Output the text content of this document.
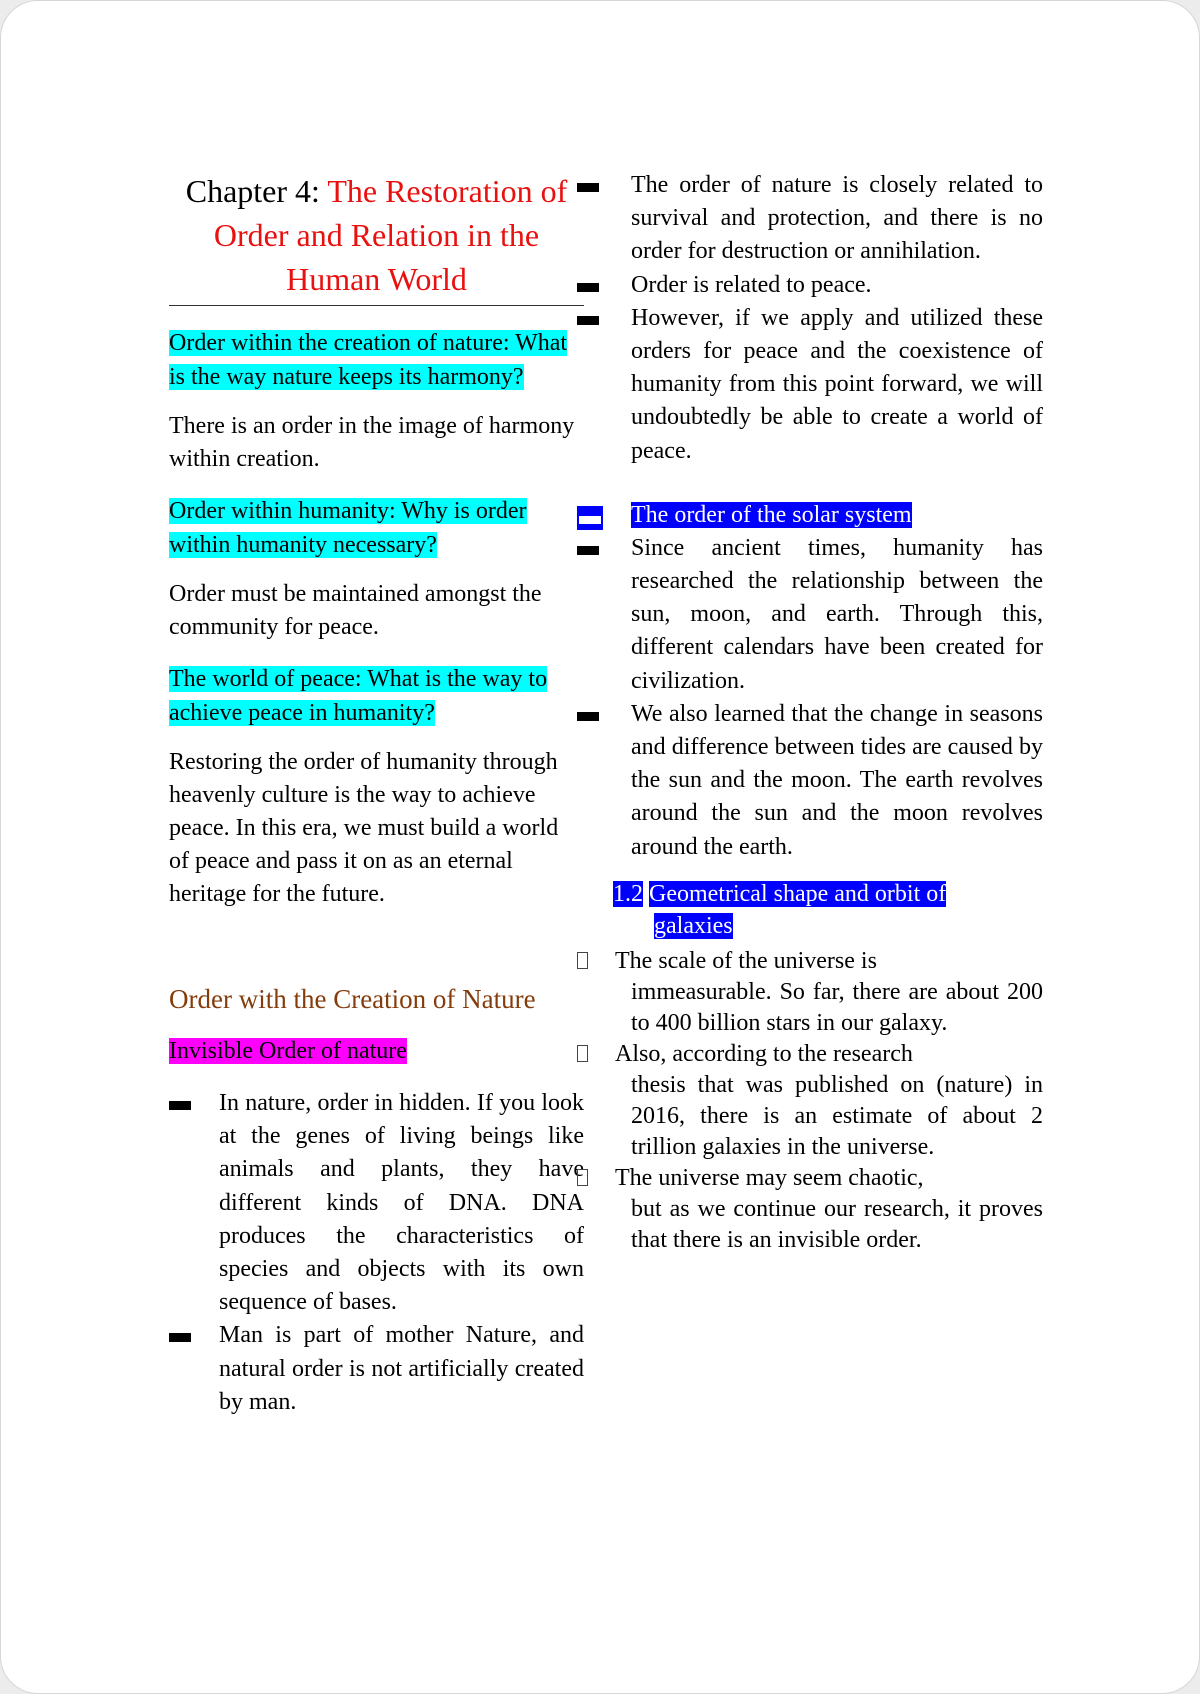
Chapter 4: The Restoration of
Order and Relation in the
Human World

Order within the creation of nature: What is the way nature keeps its harmony?

There is an order in the image of harmony within creation.

Order within humanity: Why is order within humanity necessary?

Order must be maintained amongst the community for peace.

The world of peace: What is the way to achieve peace in humanity?

Restoring the order of humanity through heavenly culture is the way to achieve peace. In this era, we must build a world of peace and pass it on as an eternal heritage for the future.

Order with the Creation of Nature

Invisible Order of nature

In nature, order in hidden. If you look at the genes of living beings like animals and plants, they have different kinds of DNA. DNA produces the characteristics of species and objects with its own sequence of bases.
Man is part of mother Nature, and natural order is not artificially created by man.
The order of nature is closely related to survival and protection, and there is no order for destruction or annihilation.
Order is related to peace.
However, if we apply and utilized these orders for peace and the coexistence of humanity from this point forward, we will undoubtedly be able to create a world of peace.

The order of the solar system

Since ancient times, humanity has researched the relationship between the sun, moon, and earth. Through this, different calendars have been created for civilization.
We also learned that the change in seasons and difference between tides are caused by the sun and the moon. The earth revolves around the sun and the moon revolves around the earth.

1.2 Geometrical shape and orbit of
galaxies

The scale of the universe is
immeasurable. So far, there are about 200 to 400 billion stars in our galaxy.
Also, according to the research
thesis that was published on (nature) in 2016, there is an estimate of about 2 trillion galaxies in the universe.
The universe may seem chaotic,
but as we continue our research, it proves that there is an invisible order.
